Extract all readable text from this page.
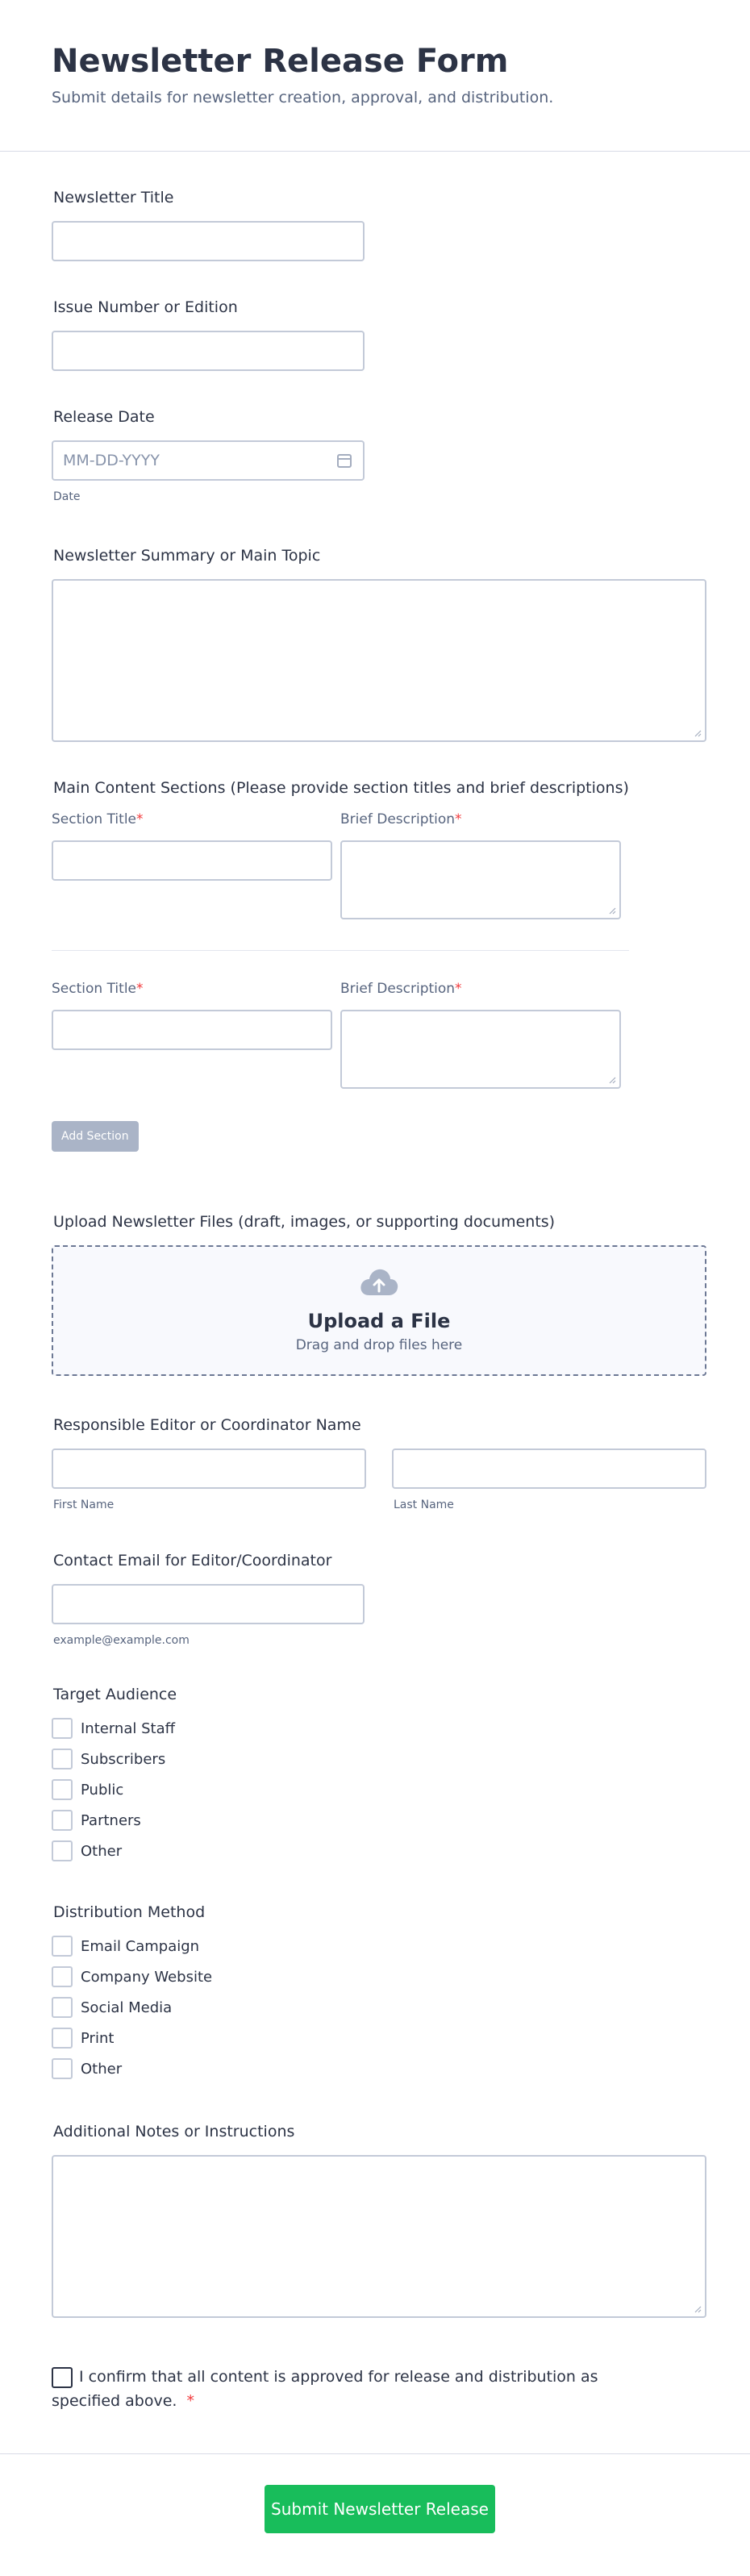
Newsletter Release Form
Submit details for newsletter creation, approval, and distribution.
Newsletter Title
Issue Number or Edition
Release Date
MM-DD-YYYY
Date
Newsletter Summary or Main Topic
Main Content Sections (Please provide section titles and brief descriptions)
Section Title*	Brief Description*
Section Title*	Brief Description*
Add Section
Upload Newsletter Files (draft, images, or supporting documents)
Upload a File
Drag and drop files here
Responsible Editor or Coordinator Name
First Name	Last Name
Contact Email for Editor/Coordinator
example@example.com
Target Audience
Internal Staff
Subscribers
Public
Partners
Other
Distribution Method
Email Campaign
Company Website
Social Media
Print
Other
Additional Notes or Instructions
I confirm that all content is approved for release and distribution as specified above. *
Submit Newsletter Release
